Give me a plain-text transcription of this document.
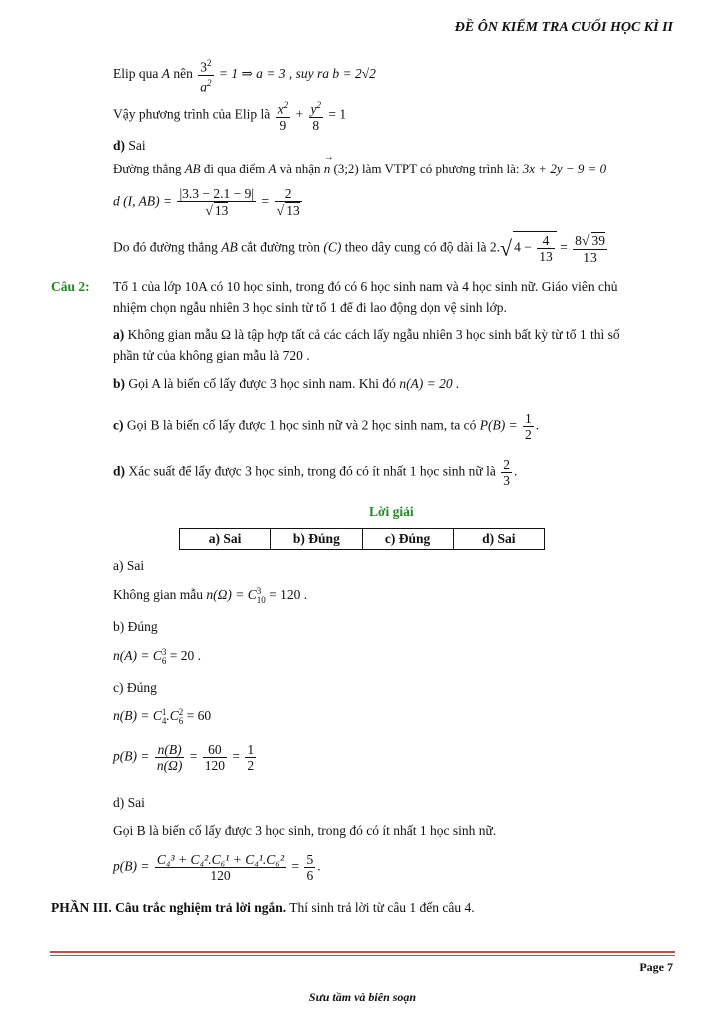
ĐỀ ÔN KIỂM TRA CUỐI HỌC KÌ II
Elip qua A nên $\frac{3^2}{a^2} = 1$ ⇒ a = 3 , suy ra b = 2√2
Vậy phương trình của Elip là $\frac{x^2}{9} + \frac{y^2}{8} = 1$
d) Sai
Đường thẳng AB đi qua điểm A và nhận
→
n (3;2) làm VTPT có phương trình là: 3x + 2y − 9 = 0
d (I, $AB) = \frac{|3.3 - 2.1 - 9|}{√ 13} = \frac{2}{√ 13}$
Do đó đường thẳng AB cắt đường tròn (C) theo dây cung có độ dài là 2.√ $4 - \frac{4}{13} = \frac{8√ 39}{13}$
Câu 2: Tổ 1 của lớp 10A có 10 học sinh, trong đó có 6 học sinh nam và 4 học sinh nữ. Giáo viên chủ
nhiệm chọn ngẫu nhiên 3 học sinh từ tổ 1 để đi lao động dọn vệ sinh lớp.
a) Không gian mẫu Ω là tập hợp tất cả các cách lấy ngẫu nhiên 3 học sinh bất kỳ từ tổ 1 thì số
phần tử của không gian mẫu là 720 .
b) Gọi A là biến cố lấy được 3 học sinh nam. Khi đó n(A) = 20 .
c) Gọi B là biến cố lấy được 1 học sinh nữ và 2 học sinh nam, ta có $P(B) = \frac{1}{2}$ .
d) Xác suất để lấy được 3 học sinh, trong đó có ít nhất 1 học sinh nữ là $\frac{2}{3}$ .
Lời giải
a) Sai	b) Đúng	c) Đúng	d) Sai
a) Sai
Không gian mẫu n(Ω) = C 3
10 = 120 .
b) Đúng
n(A) = C 3
6 = 20 .
c) Đúng
n(B) = C 1
4 .C 2
6 = 60
$p(B) = \frac{n(B)}{n(\Omega)} = \frac{60}{120} = \frac{1}{2}$
d) Sai
Gọi B là biến cố lấy được 3 học sinh, trong đó có ít nhất 1 học sinh nữ.
$p(B) = \frac{\text{C₄³ + C₄².C₆¹ + C₄¹.C₆²}}{120} = \frac{5}{6}$ .
PHẦN III. Câu trắc nghiệm trả lời ngắn. Thí sinh trả lời từ câu 1 đến câu 4.
Page 7
Sưu tầm và biên soạn
